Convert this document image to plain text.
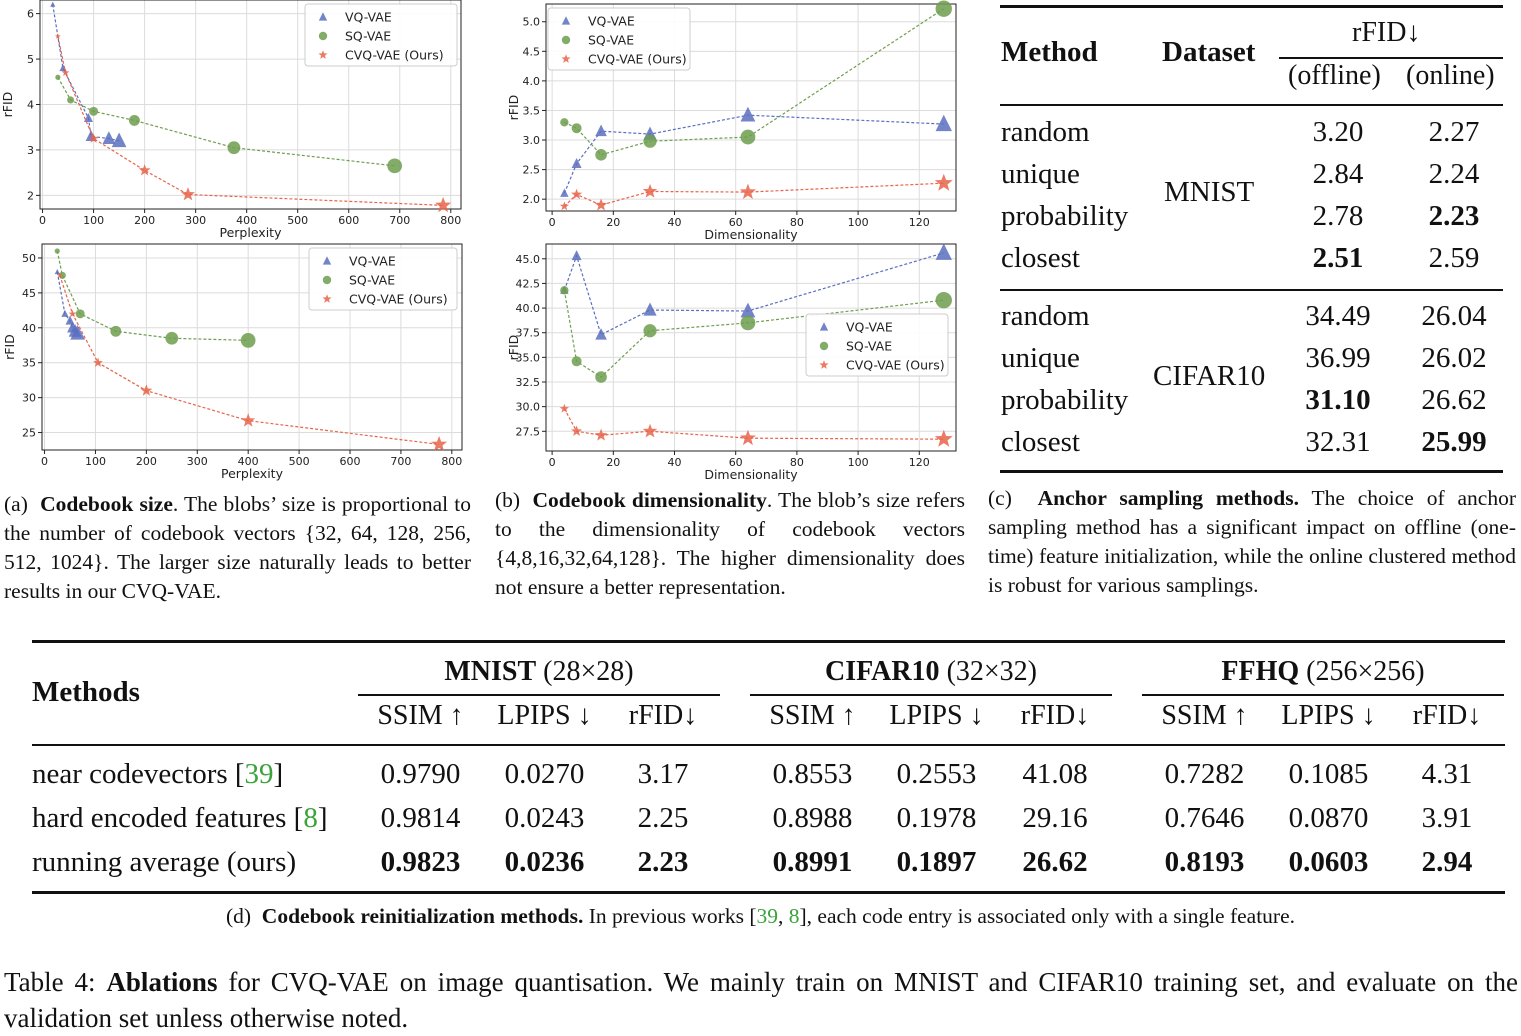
0	100	200	300	400	500	600	700	800
2
3
4
5
6
Perplexity
rFID
VQ-VAE
SQ-VAE
CVQ-VAE (Ours)
0	100	200	300	400	500	600	700	800
25
30
35
40
45
50
Perplexity
rFID
VQ-VAE
SQ-VAE
CVQ-VAE (Ours)
0	20	40	60	80	100	120
2.0
2.5
3.0
3.5
4.0
4.5
5.0
Dimensionality
rFID
VQ-VAE
SQ-VAE
CVQ-VAE (Ours)
0	20	40	60	80	100	120
27.5
30.0
32.5
35.0
37.5
40.0
42.5
45.0
Dimensionality
rFID
VQ-VAE
SQ-VAE
CVQ-VAE (Ours)
(a) Codebook size. The blobs’ size is proportional to the number of codebook vectors {32, 64, 128, 256, 512, 1024}. The larger size naturally leads to better results in our CVQ-VAE.
(b) Codebook dimensionality. The blob’s size refers to the dimensionality of codebook vectors {4,8,16,32,64,128}. The higher dimensionality does not ensure a better representation.
(c) Anchor sampling methods. The choice of anchor sampling method has a significant impact on offline (one-time) feature initialization, while the online clustered method is robust for various samplings.
Method Dataset
rFID↓
(offline) (online)
MNIST
random	3.20	2.27
unique	2.84	2.24
probability	2.78	2.23
closest	2.51	2.59
CIFAR10
random	34.49	26.04
unique	36.99	26.02
probability	31.10	26.62
closest	32.31	25.99
Methods
MNIST (28×28)	CIFAR10 (32×32)	FFHQ (256×256)
SSIM ↑	LPIPS ↓	rFID↓	SSIM ↑	LPIPS ↓	rFID↓	SSIM ↑	LPIPS ↓	rFID↓
near codevectors [39]	0.9790	0.0270	3.17	0.8553	0.2553	41.08	0.7282	0.1085	4.31
hard encoded features [8]	0.9814	0.0243	2.25	0.8988	0.1978	29.16	0.7646	0.0870	3.91
running average (ours)	0.9823	0.0236	2.23	0.8991	0.1897	26.62	0.8193	0.0603	2.94
(d) Codebook reinitialization methods. In previous works [39, 8], each code entry is associated only with a single feature.
Table 4: Ablations for CVQ-VAE on image quantisation. We mainly train on MNIST and CIFAR10 training set, and evaluate on the validation set unless otherwise noted.
